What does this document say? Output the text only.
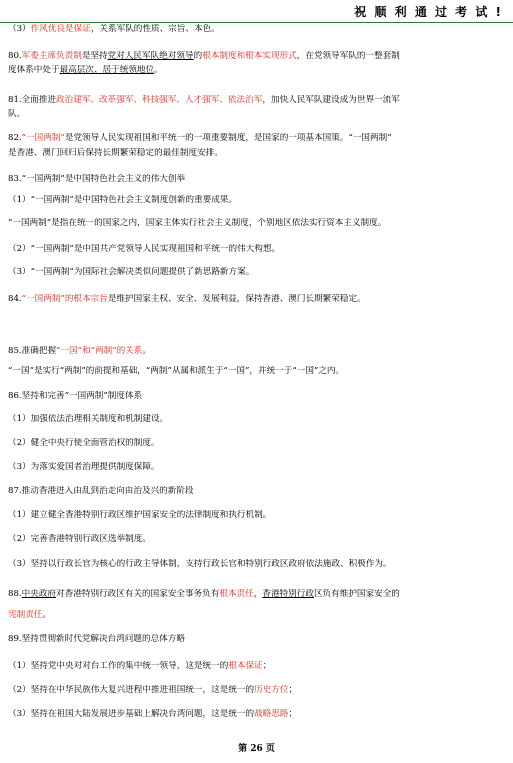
祝 顺 利 通 过 考 试 !
（3）作风优良是保证，关系军队的性质、宗旨、本色。
80.军委主席负责制是坚持党对人民军队绝对领导的根本制度和根本实现形式，在党领导军队的一整套制
度体系中处于最高层次、居于统领地位。
81.全面推进政治建军、改革强军、科技强军、人才强军、依法治军，加快人民军队建设成为世界一流军
队。
82.“一国两制”是党领导人民实现祖国和平统一的一项重要制度，是国家的一项基本国策。“一国两制”
是香港、澳门回归后保持长期繁荣稳定的最佳制度安排。
83.“一国两制”是中国特色社会主义的伟大创举
（1）“一国两制”是中国特色社会主义制度创新的重要成果。
“一国两制”是指在统一的国家之内，国家主体实行社会主义制度，个别地区依法实行资本主义制度。
（2）“一国两制”是中国共产党领导人民实现祖国和平统一的伟大构想。
（3）“一国两制”为国际社会解决类似问题提供了新思路新方案。
84.“一国两制”的根本宗旨是维护国家主权、安全、发展利益，保持香港、澳门长期繁荣稳定。
85.准确把握“一国”和“两制”的关系。
“一国”是实行“两制”的前提和基础，“两制”从属和派生于“一国”，并统一于“一国”之内。
86.坚持和完善“一国两制”制度体系
（1）加强依法治理相关制度和机制建设。
（2）健全中央行使全面管治权的制度。
（3）为落实爱国者治理提供制度保障。
87.推动香港进入由乱到治走向由治及兴的新阶段
（1）建立健全香港特别行政区维护国家安全的法律制度和执行机制。
（2）完善香港特别行政区选举制度。
（3）坚持以行政长官为核心的行政主导体制，支持行政长官和特别行政区政府依法施政、积极作为。
88.中央政府对香港特别行政区有关的国家安全事务负有根本责任，香港特别行政区负有维护国家安全的
宪制责任。
89.坚持贯彻新时代党解决台湾问题的总体方略
（1）坚持党中央对对台工作的集中统一领导，这是统一的根本保证；
（2）坚持在中华民族伟大复兴进程中推进祖国统一，这是统一的历史方位；
（3）坚持在祖国大陆发展进步基础上解决台湾问题，这是统一的战略思路；
第 26 页
